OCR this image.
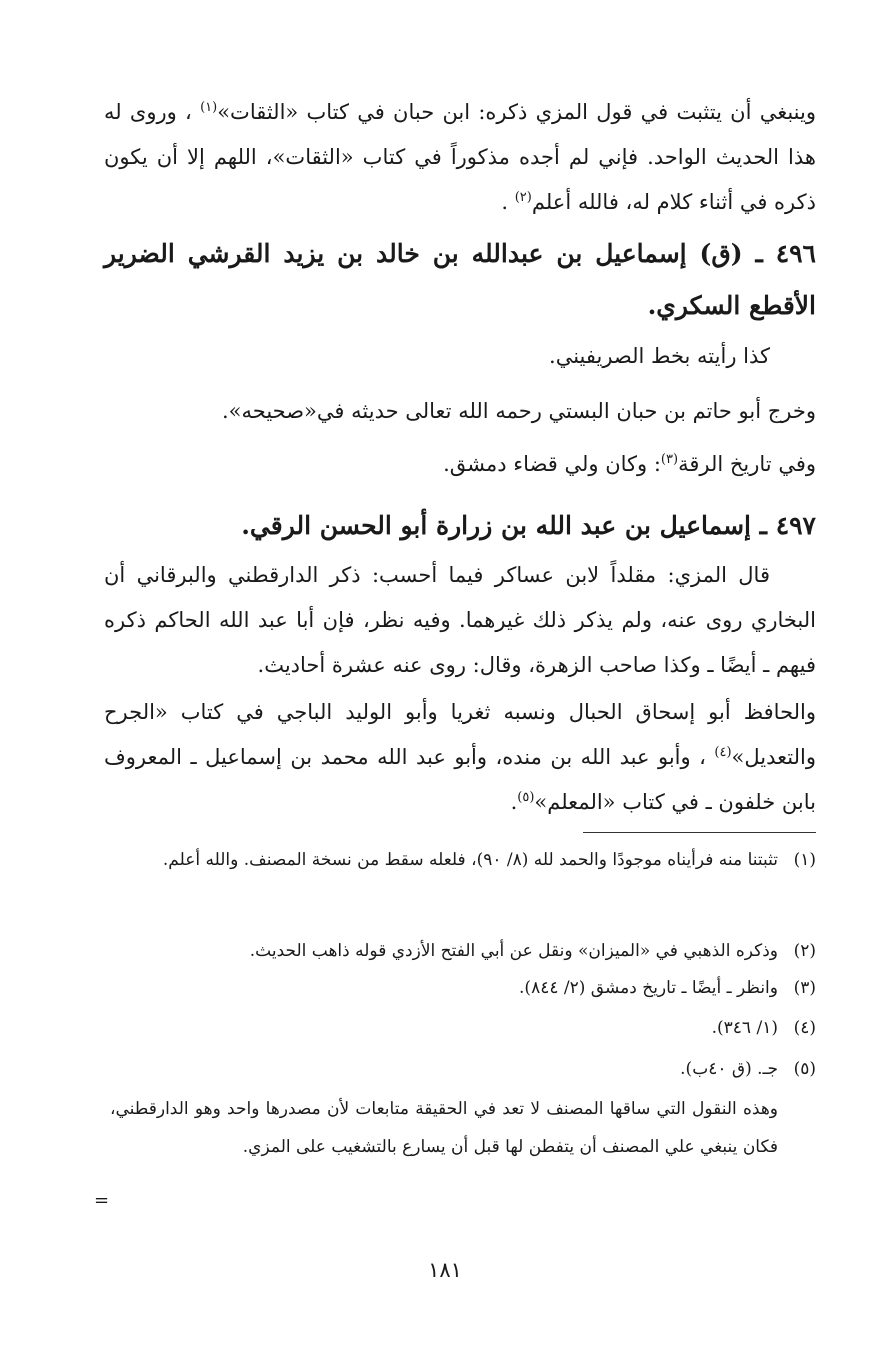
وينبغي أن يتثبت في قول المزي ذكره: ابن حبان في كتاب «الثقات»$^{(١)}$ ، وروى له هذا الحديث الواحد. فإني لم أجده مذكوراً في كتاب «الثقات»، اللهم إلا أن يكون ذكره في أثناء كلام له، فالله أعلم$^{(٢)}$ .
٤٩٦ ـ (ق) إسماعيل بن عبدالله بن خالد بن يزيد القرشي الضرير الأقطع السكري.
كذا رأيته بخط الصريفيني.
وخرج أبو حاتم بن حبان البستي رحمه الله تعالى حديثه في«صحيحه».
وفي تاريخ الرقة$^{(٣)}$: وكان ولي قضاء دمشق.
٤٩٧ ـ إسماعيل بن عبد الله بن زرارة أبو الحسن الرقي.
قال المزي: مقلداً لابن عساكر فيما أحسب: ذكر الدارقطني والبرقاني أن البخاري روى عنه، ولم يذكر ذلك غيرهما. وفيه نظر، فإن أبا عبد الله الحاكم ذكره فيهم ـ أيضًا ـ وكذا صاحب الزهرة، وقال: روى عنه عشرة أحاديث.
والحافظ أبو إسحاق الحبال ونسبه ثغريا وأبو الوليد الباجي في كتاب «الجرح والتعديل»$^{(٤)}$ ، وأبو عبد الله بن منده، وأبو عبد الله محمد بن إسماعيل ـ المعروف بابن خلفون ـ في كتاب «المعلم»$^{(٥)}$.
(١)تثبتنا منه فرأيناه موجودًا والحمد لله (٨/ ٩٠)، فلعله سقط من نسخة المصنف. والله أعلم.
(٢)وذكره الذهبي في «الميزان» ونقل عن أبي الفتح الأزدي قوله ذاهب الحديث.
(٣)وانظر ـ أيضًا ـ تاريخ دمشق (٢/ ٨٤٤).
(٤)(١/ ٣٤٦).
(٥)جـ. (ق ٤٠ب).
وهذه النقول التي ساقها المصنف لا تعد في الحقيقة متابعات لأن مصدرها واحد وهو الدارقطني، فكان ينبغي علي المصنف أن يتفطن لها قبل أن يسارع بالتشغيب على المزي.
=
١٨١
